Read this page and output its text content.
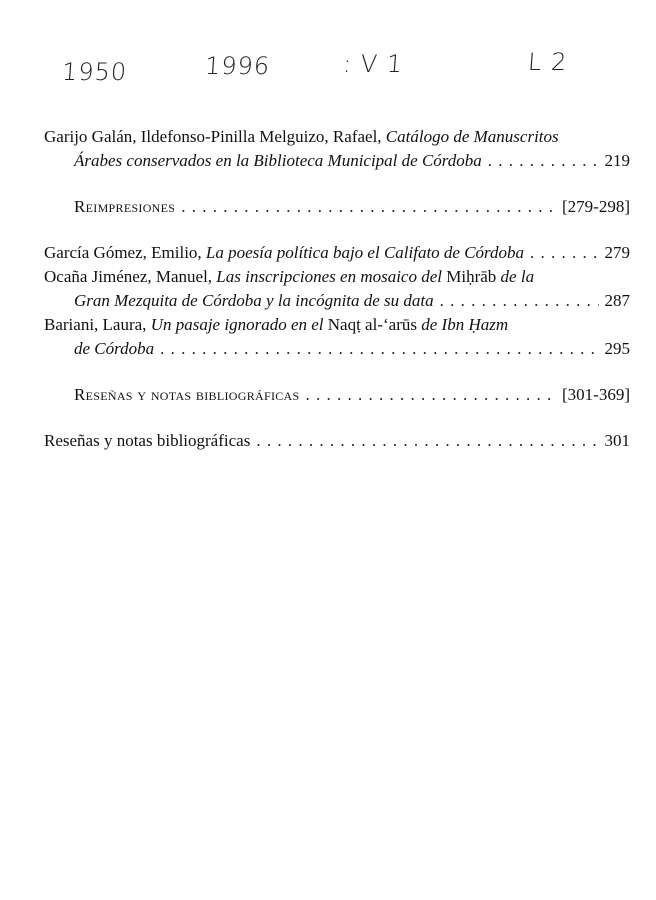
1950	1996	: V 1	L 2
Garijo Galán, Ildefonso-Pinilla Melguizo, Rafael,
Catálogo de Manuscritos
Árabes conservados en la Biblioteca Municipal de Córdoba . . .	219
Reimpresiones . . .	[279-298]
García Gómez, Emilio,
La poesía política bajo el Califato de Córdoba . . .	279
Ocaña Jiménez, Manuel,
Las inscripciones en mosaico del
Miḥrāb
de la
Gran Mezquita de Córdoba y la incógnita de su data . . .	287
Bariani, Laura,
Un pasaje ignorado en el
Naqṭ al-ʻarūs
de Ibn Ḥazm
de Córdoba . . .	295
Reseñas y notas bibliográficas . . .	[301-369]
Reseñas y notas bibliográficas . . .	301
